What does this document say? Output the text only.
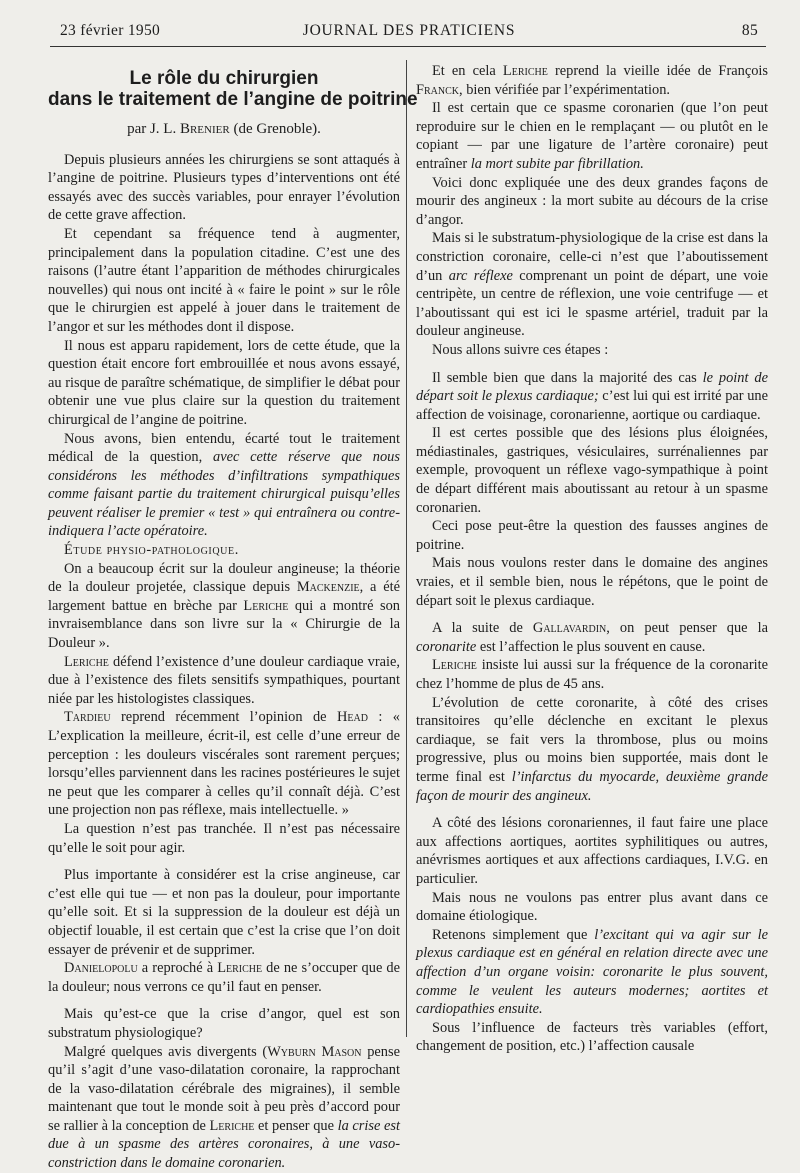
23 février 1950	JOURNAL DES PRATICIENS	85
Le rôle du chirurgien
dans le traitement de l’angine de poitrine
par J. L. Brenier (de Grenoble).

Depuis plusieurs années les chirurgiens se sont attaqués à l’angine de poitrine. Plusieurs types d’interventions ont été essayés avec des succès variables, pour enrayer l’évolution de cette grave affection.

Et cependant sa fréquence tend à augmenter, principalement dans la population citadine. C’est une des raisons (l’autre étant l’apparition de méthodes chirurgicales nouvelles) qui nous ont incité à « faire le point » sur le rôle que le chirurgien est appelé à jouer dans le traitement de l’angor et sur les méthodes dont il dispose.

Il nous est apparu rapidement, lors de cette étude, que la question était encore fort embrouillée et nous avons essayé, au risque de paraître schématique, de simplifier le débat pour obtenir une vue plus claire sur la question du traitement chirurgical de l’angine de poitrine.

Nous avons, bien entendu, écarté tout le traitement médical de la question, avec cette réserve que nous considérons les méthodes d’infiltrations sympathiques comme faisant partie du traitement chirurgical puisqu’elles peuvent réaliser le premier « test » qui entraînera ou contre-indiquera l’acte opératoire.

Étude physio-pathologique.

On a beaucoup écrit sur la douleur angineuse; la théorie de la douleur projetée, classique depuis Mackenzie, a été largement battue en brèche par Leriche qui a montré son invraisemblance dans son livre sur la « Chirurgie de la Douleur ».

Leriche défend l’existence d’une douleur cardiaque vraie, due à l’existence des filets sensitifs sympathiques, pourtant niée par les histologistes classiques.

Tardieu reprend récemment l’opinion de Head : « L’explication la meilleure, écrit-il, est celle d’une erreur de perception : les douleurs viscérales sont rarement perçues; lorsqu’elles parviennent dans les racines postérieures le sujet ne peut que les comparer à celles qu’il connaît déjà. C’est une projection non pas réflexe, mais intellectuelle. »

La question n’est pas tranchée. Il n’est pas nécessaire qu’elle le soit pour agir.

Plus importante à considérer est la crise angineuse, car c’est elle qui tue — et non pas la douleur, pour importante qu’elle soit. Et si la suppression de la douleur est déjà un objectif louable, il est certain que c’est la crise que l’on doit essayer de prévenir et de supprimer.

Danielopolu a reproché à Leriche de ne s’occuper que de la douleur; nous verrons ce qu’il faut en penser.

Mais qu’est-ce que la crise d’angor, quel est son substratum physiologique?

Malgré quelques avis divergents (Wyburn Mason pense qu’il s’agit d’une vaso-dilatation coronaire, la rapprochant de la vaso-dilatation cérébrale des migraines), il semble maintenant que tout le monde soit à peu près d’accord pour se rallier à la conception de Leriche et penser que la crise est due à un spasme des artères coronaires, à une vaso-constriction dans le domaine coronarien.

Et en cela Leriche reprend la vieille idée de François Franck, bien vérifiée par l’expérimentation.

Il est certain que ce spasme coronarien (que l’on peut reproduire sur le chien en le remplaçant — ou plutôt en le copiant — par une ligature de l’artère coronaire) peut entraîner la mort subite par fibrillation.

Voici donc expliquée une des deux grandes façons de mourir des angineux : la mort subite au décours de la crise d’angor.

Mais si le substratum-physiologique de la crise est dans la constriction coronaire, celle-ci n’est que l’aboutissement d’un arc réflexe comprenant un point de départ, une voie centripète, un centre de réflexion, une voie centrifuge — et l’aboutissant qui est ici le spasme artériel, traduit par la douleur angineuse.

Nous allons suivre ces étapes :

Il semble bien que dans la majorité des cas le point de départ soit le plexus cardiaque; c’est lui qui est irrité par une affection de voisinage, coronarienne, aortique ou cardiaque.

Il est certes possible que des lésions plus éloignées, médiastinales, gastriques, vésiculaires, surrénaliennes par exemple, provoquent un réflexe vago-sympathique à point de départ différent mais aboutissant au retour à un spasme coronarien.

Ceci pose peut-être la question des fausses angines de poitrine.

Mais nous voulons rester dans le domaine des angines vraies, et il semble bien, nous le répétons, que le point de départ soit le plexus cardiaque.

A la suite de Gallavardin, on peut penser que la coronarite est l’affection le plus souvent en cause.

Leriche insiste lui aussi sur la fréquence de la coronarite chez l’homme de plus de 45 ans.

L’évolution de cette coronarite, à côté des crises transitoires qu’elle déclenche en excitant le plexus cardiaque, se fait vers la thrombose, plus ou moins progressive, plus ou moins bien supportée, mais dont le terme final est l’infarctus du myocarde, deuxième grande façon de mourir des angineux.

A côté des lésions coronariennes, il faut faire une place aux affections aortiques, aortites syphilitiques ou autres, anévrismes aortiques et aux affections cardiaques, I.V.G. en particulier.

Mais nous ne voulons pas entrer plus avant dans ce domaine étiologique.

Retenons simplement que l’excitant qui va agir sur le plexus cardiaque est en général en relation directe avec une affection d’un organe voisin: coronarite le plus souvent, comme le veulent les auteurs modernes; aortites et cardiopathies ensuite.

Sous l’influence de facteurs très variables (effort, changement de position, etc.) l’affection causale
